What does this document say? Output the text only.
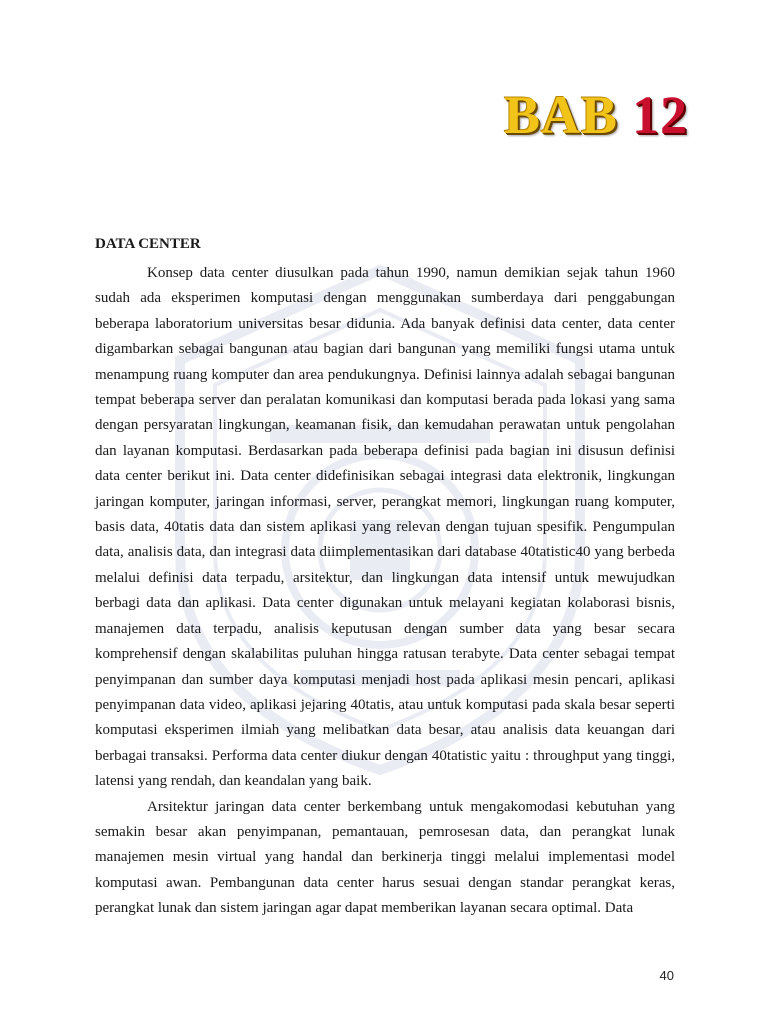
BAB 12
DATA CENTER

Konsep data center diusulkan pada tahun 1990, namun demikian sejak tahun 1960 sudah ada eksperimen komputasi dengan menggunakan sumberdaya dari penggabungan beberapa laboratorium universitas besar didunia. Ada banyak definisi data center, data center digambarkan sebagai bangunan atau bagian dari bangunan yang memiliki fungsi utama untuk menampung ruang komputer dan area pendukungnya. Definisi lainnya adalah sebagai bangunan tempat beberapa server dan peralatan komunikasi dan komputasi berada pada lokasi yang sama dengan persyaratan lingkungan, keamanan fisik, dan kemudahan perawatan untuk pengolahan dan layanan komputasi. Berdasarkan pada beberapa definisi pada bagian ini disusun definisi data center berikut ini. Data center didefinisikan sebagai integrasi data elektronik, lingkungan jaringan komputer, jaringan informasi, server, perangkat memori, lingkungan ruang komputer, basis data, 40tatis data dan sistem aplikasi yang relevan dengan tujuan spesifik. Pengumpulan data, analisis data, dan integrasi data diimplementasikan dari database 40tatistic40 yang berbeda melalui definisi data terpadu, arsitektur, dan lingkungan data intensif untuk mewujudkan berbagi data dan aplikasi. Data center digunakan untuk melayani kegiatan kolaborasi bisnis, manajemen data terpadu, analisis keputusan dengan sumber data yang besar secara komprehensif dengan skalabilitas puluhan hingga ratusan terabyte. Data center sebagai tempat penyimpanan dan sumber daya komputasi menjadi host pada aplikasi mesin pencari, aplikasi penyimpanan data video, aplikasi jejaring 40tatis, atau untuk komputasi pada skala besar seperti komputasi eksperimen ilmiah yang melibatkan data besar, atau analisis data keuangan dari berbagai transaksi. Performa data center diukur dengan 40tatistic yaitu : throughput yang tinggi, latensi yang rendah, dan keandalan yang baik.

Arsitektur jaringan data center berkembang untuk mengakomodasi kebutuhan yang semakin besar akan penyimpanan, pemantauan, pemrosesan data, dan perangkat lunak manajemen mesin virtual yang handal dan berkinerja tinggi melalui implementasi model komputasi awan. Pembangunan data center harus sesuai dengan standar perangkat keras, perangkat lunak dan sistem jaringan agar dapat memberikan layanan secara optimal. Data

40
